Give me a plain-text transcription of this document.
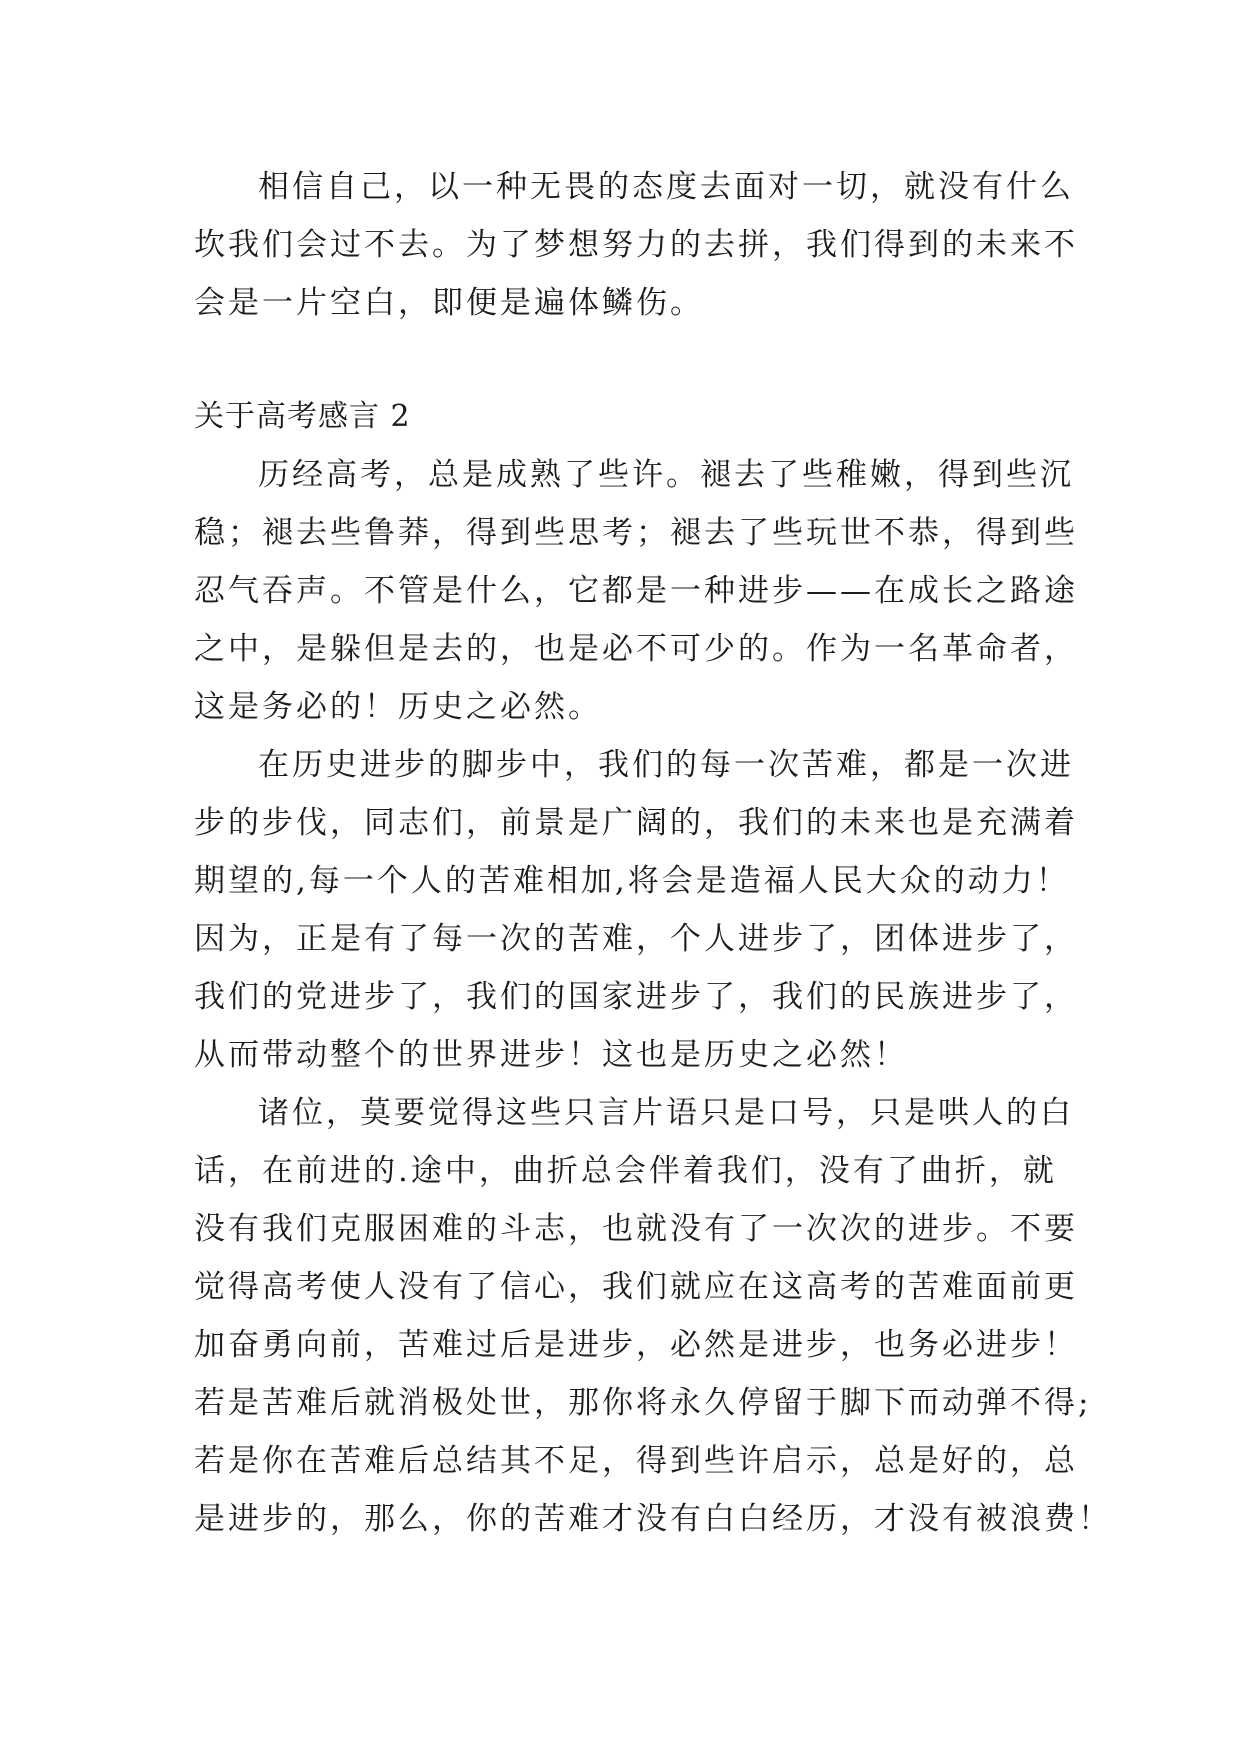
相信自己，以一种无畏的态度去面对一切，就没有什么
坎我们会过不去。为了梦想努力的去拼，我们得到的未来不
会是一片空白，即便是遍体鳞伤。
关于高考感言 2
历经高考，总是成熟了些许。褪去了些稚嫩，得到些沉
稳；褪去些鲁莽，得到些思考；褪去了些玩世不恭，得到些
忍气吞声。不管是什么，它都是一种进步——在成长之路途
之中，是躲但是去的，也是必不可少的。作为一名革命者，
这是务必的！历史之必然。
在历史进步的脚步中，我们的每一次苦难，都是一次进
步的步伐，同志们，前景是广阔的，我们的未来也是充满着
期望的,每一个人的苦难相加,将会是造福人民大众的动力！
因为，正是有了每一次的苦难，个人进步了，团体进步了，
我们的党进步了，我们的国家进步了，我们的民族进步了，
从而带动整个的世界进步！这也是历史之必然！
诸位，莫要觉得这些只言片语只是口号，只是哄人的白
话，在前进的.途中，曲折总会伴着我们，没有了曲折，就
没有我们克服困难的斗志，也就没有了一次次的进步。不要
觉得高考使人没有了信心，我们就应在这高考的苦难面前更
加奋勇向前，苦难过后是进步，必然是进步，也务必进步！
若是苦难后就消极处世，那你将永久停留于脚下而动弹不得;
若是你在苦难后总结其不足，得到些许启示，总是好的，总
是进步的，那么，你的苦难才没有白白经历，才没有被浪费！
